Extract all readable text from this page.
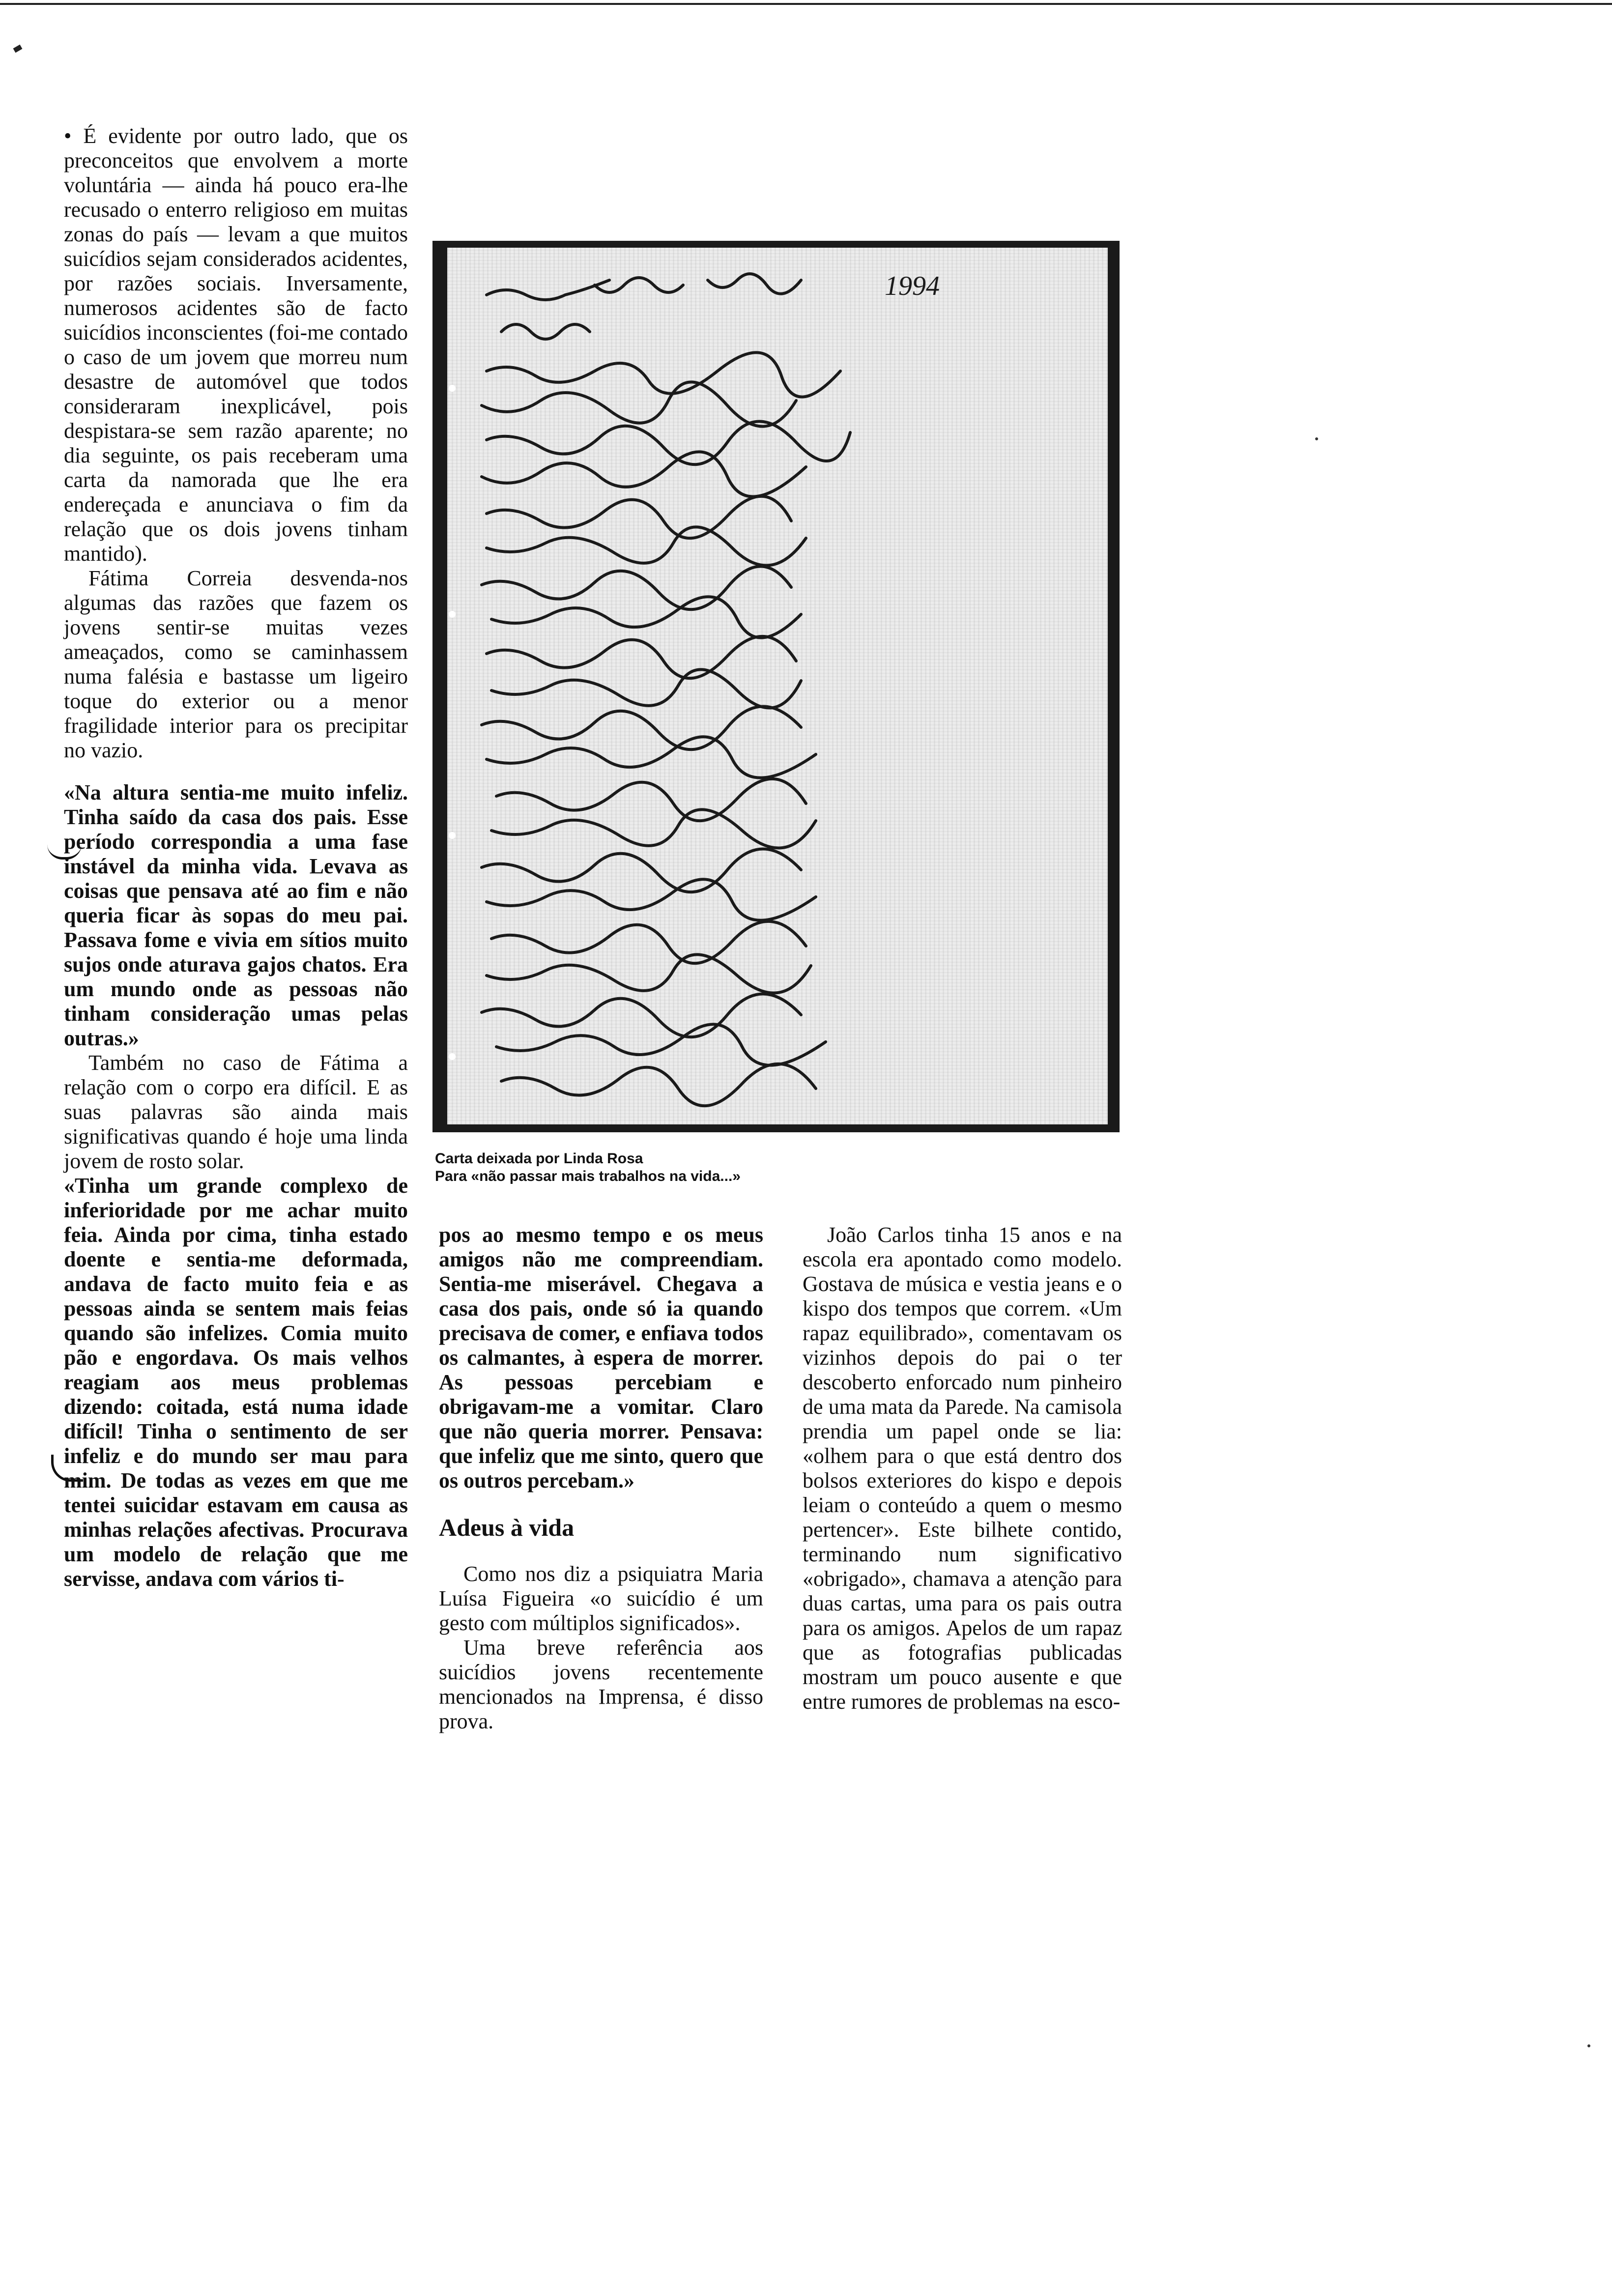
• É evidente por outro lado, que os preconceitos que envolvem a morte voluntária — ainda há pouco era-lhe recusado o enterro religioso em muitas zonas do país — levam a que muitos suicídios sejam considerados acidentes, por razões sociais. Inversamente, numerosos acidentes são de facto suicídios inconscientes (foi-me contado o caso de um jovem que morreu num desastre de automóvel que todos consideraram inexplicável, pois despistara-se sem razão aparente; no dia seguinte, os pais receberam uma carta da namorada que lhe era endereçada e anunciava o fim da relação que os dois jovens tinham mantido).

Fátima Correia desvenda-nos algumas das razões que fazem os jovens sentir-se muitas vezes ameaçados, como se caminhassem numa falésia e bastasse um ligeiro toque do exterior ou a menor fragilidade interior para os precipitar no vazio.

«Na altura sentia-me muito infeliz. Tinha saído da casa dos pais. Esse período correspondia a uma fase instável da minha vida. Levava as coisas que pensava até ao fim e não queria ficar às sopas do meu pai. Passava fome e vivia em sítios muito sujos onde aturava gajos chatos. Era um mundo onde as pessoas não tinham consideração umas pelas outras.»

Também no caso de Fátima a relação com o corpo era difícil. E as suas palavras são ainda mais significativas quando é hoje uma linda jovem de rosto solar.

«Tinha um grande complexo de inferioridade por me achar muito feia. Ainda por cima, tinha estado doente e sentia-me deformada, andava de facto muito feia e as pessoas ainda se sentem mais feias quando são infelizes. Comia muito pão e engordava. Os mais velhos reagiam aos meus problemas dizendo: coitada, está numa idade difícil! Tinha o sentimento de ser infeliz e do mundo ser mau para mim. De todas as vezes em que me tentei suicidar estavam em causa as minhas relações afectivas. Procurava um modelo de relação que me servisse, andava com vários ti-

1994
Carta deixada por Linda Rosa
Para «não passar mais trabalhos na vida...»

pos ao mesmo tempo e os meus amigos não me compreendiam. Sentia-me miserável. Chegava a casa dos pais, onde só ia quando precisava de comer, e enfiava todos os calmantes, à espera de morrer. As pessoas percebiam e obrigavam-me a vomitar. Claro que não queria morrer. Pensava: que infeliz que me sinto, quero que os outros percebam.»

Adeus à vida

Como nos diz a psiquiatra Maria Luísa Figueira «o suicídio é um gesto com múltiplos significados».

Uma breve referência aos suicídios jovens recentemente mencionados na Imprensa, é disso prova.

João Carlos tinha 15 anos e na escola era apontado como modelo. Gostava de música e vestia jeans e o kispo dos tempos que correm. «Um rapaz equilibrado», comentavam os vizinhos depois do pai o ter descoberto enforcado num pinheiro de uma mata da Parede. Na camisola prendia um papel onde se lia: «olhem para o que está dentro dos bolsos exteriores do kispo e depois leiam o conteúdo a quem o mesmo pertencer». Este bilhete contido, terminando num significativo «obrigado», chamava a atenção para duas cartas, uma para os pais outra para os amigos. Apelos de um rapaz que as fotografias publicadas mostram um pouco ausente e que entre rumores de problemas na esco-
